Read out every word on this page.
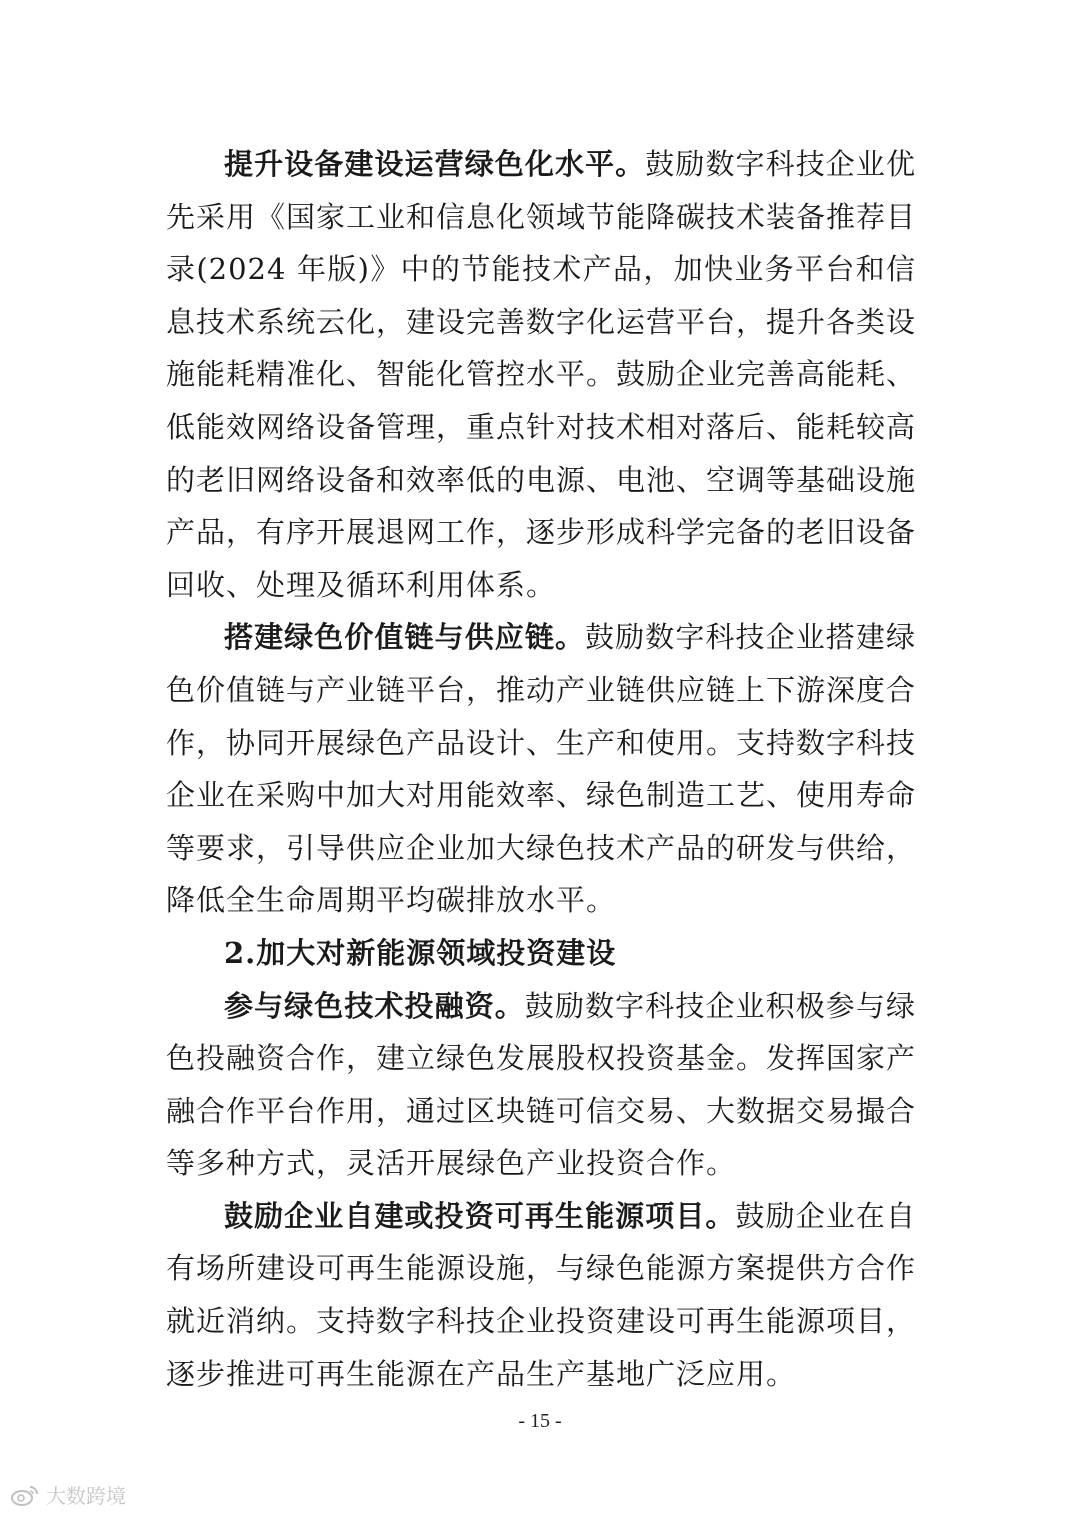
提升设备建设运营绿色化水平。鼓励数字科技企业优先采用《国家工业和信息化领域节能降碳技术装备推荐目录(2024 年版)》中的节能技术产品，加快业务平台和信息技术系统云化，建设完善数字化运营平台，提升各类设施能耗精准化、智能化管控水平。鼓励企业完善高能耗、低能效网络设备管理，重点针对技术相对落后、能耗较高的老旧网络设备和效率低的电源、电池、空调等基础设施产品，有序开展退网工作，逐步形成科学完备的老旧设备回收、处理及循环利用体系。

搭建绿色价值链与供应链。鼓励数字科技企业搭建绿色价值链与产业链平台，推动产业链供应链上下游深度合作，协同开展绿色产品设计、生产和使用。支持数字科技企业在采购中加大对用能效率、绿色制造工艺、使用寿命等要求，引导供应企业加大绿色技术产品的研发与供给，降低全生命周期平均碳排放水平。

2.加大对新能源领域投资建设

参与绿色技术投融资。鼓励数字科技企业积极参与绿色投融资合作，建立绿色发展股权投资基金。发挥国家产融合作平台作用，通过区块链可信交易、大数据交易撮合等多种方式，灵活开展绿色产业投资合作。

鼓励企业自建或投资可再生能源项目。鼓励企业在自有场所建设可再生能源设施，与绿色能源方案提供方合作就近消纳。支持数字科技企业投资建设可再生能源项目，逐步推进可再生能源在产品生产基地广泛应用。

- 15 -
大数跨境
